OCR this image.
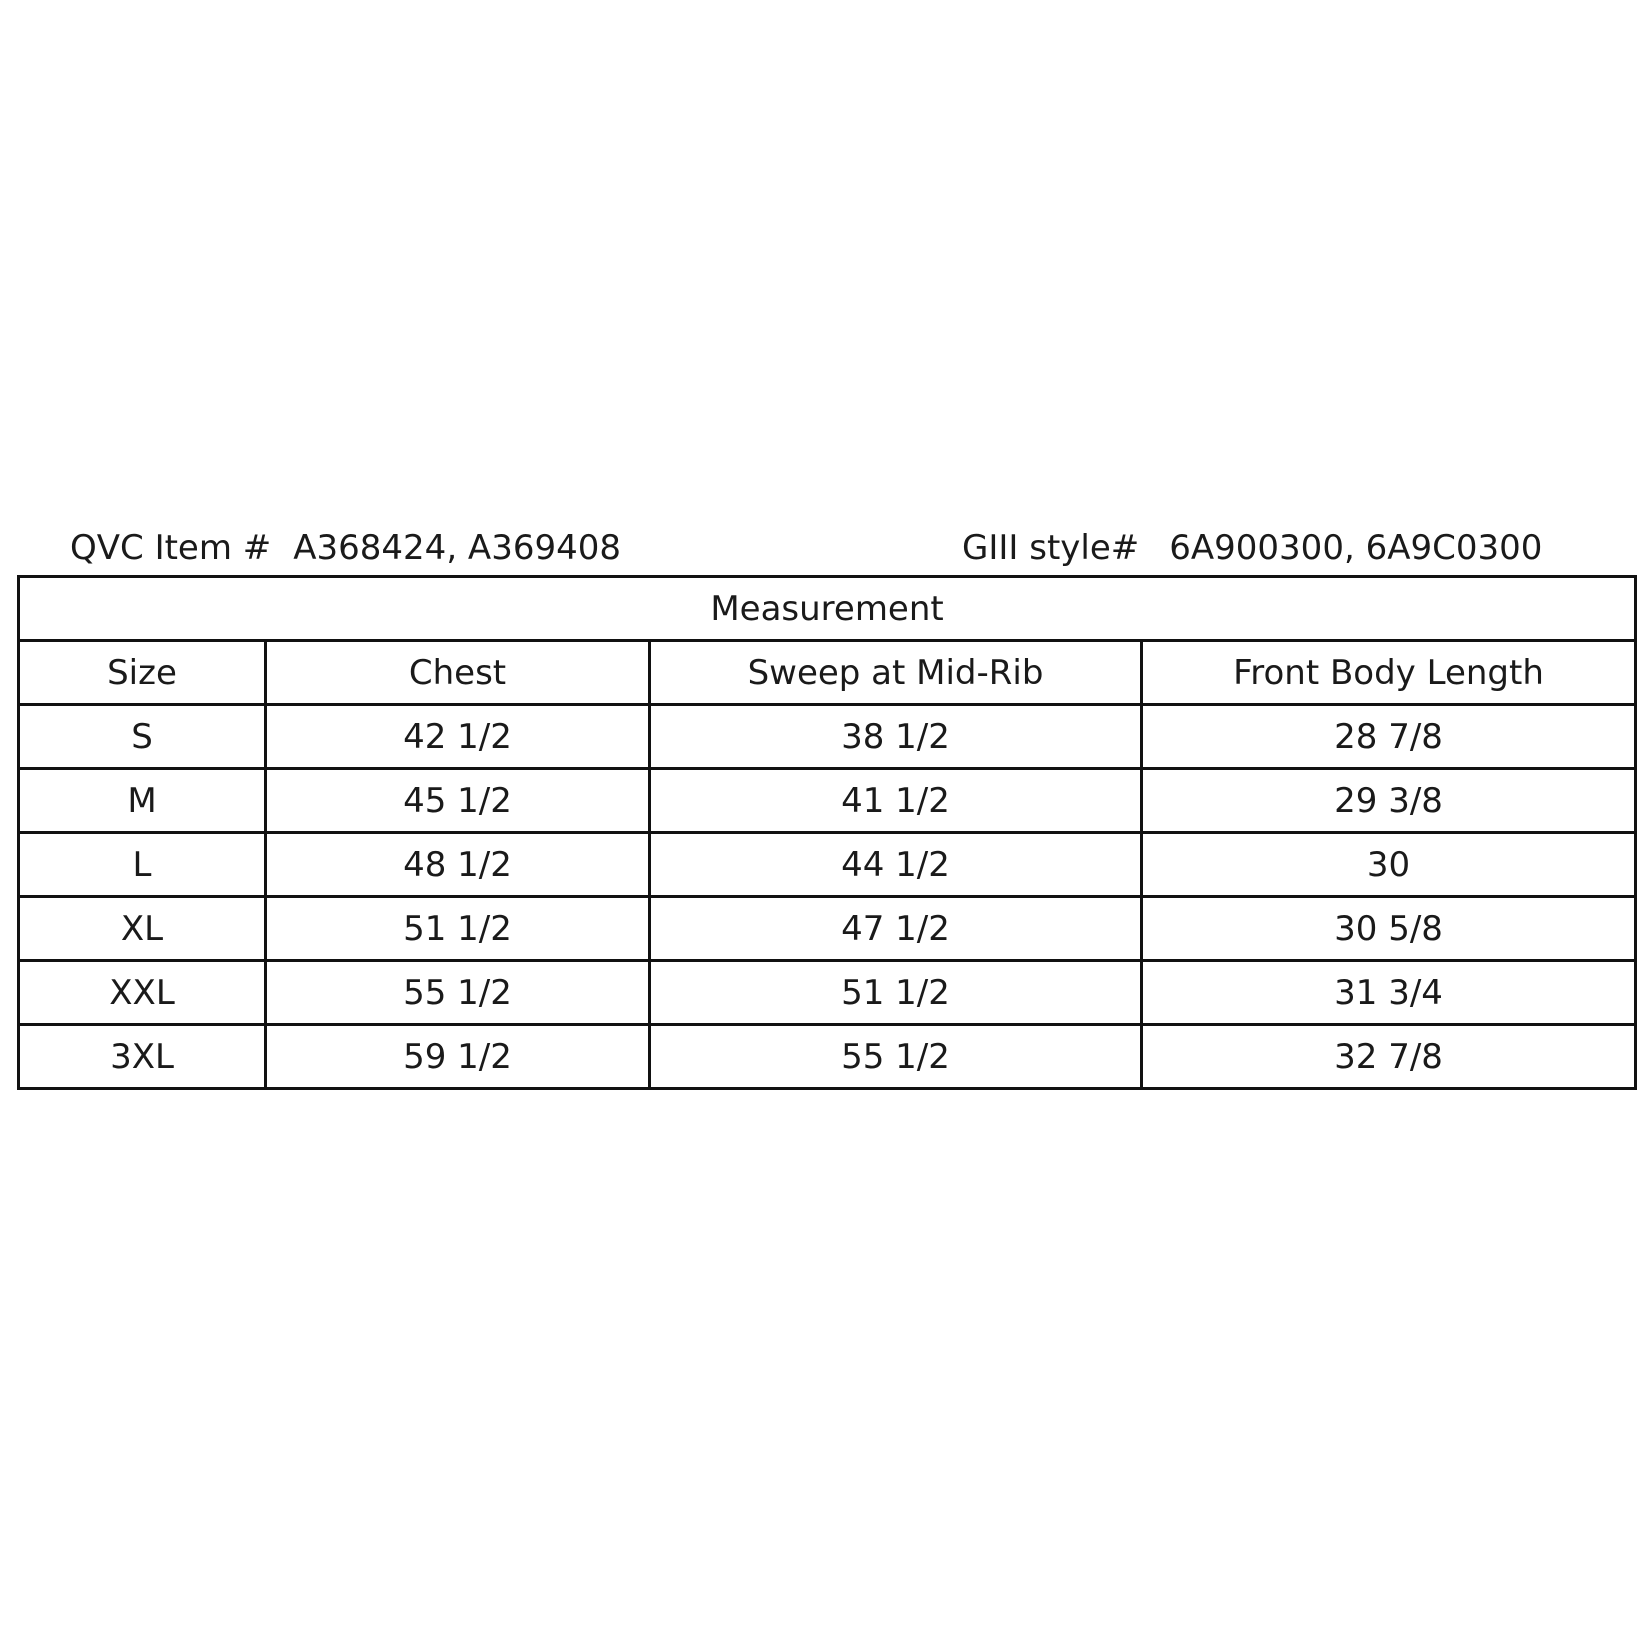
QVC Item # A368424, A369408	GIII style# 6A900300, 6A9C0300
Measurement			
Size	Chest	Sweep at Mid-Rib	Front Body Length
S	42 1/2	38 1/2	28 7/8
M	45 1/2	41 1/2	29 3/8
L	48 1/2	44 1/2	30
XL	51 1/2	47 1/2	30 5/8
XXL	55 1/2	51 1/2	31 3/4
3XL	59 1/2	55 1/2	32 7/8
